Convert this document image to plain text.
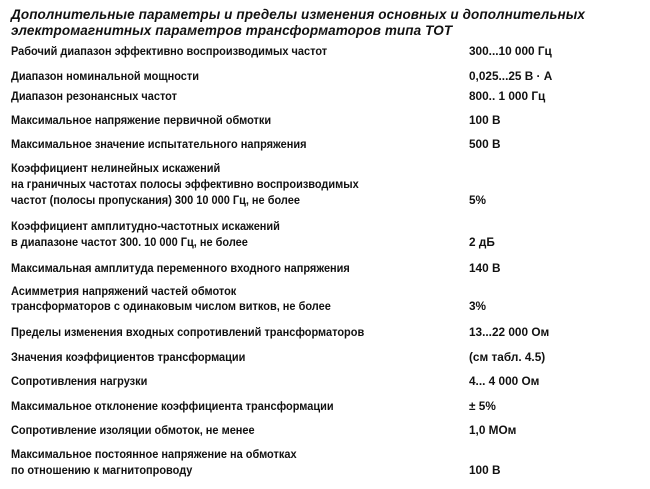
Дополнительные параметры и пределы изменения основных и дополнительных
электромагнитных параметров трансформаторов типа ТОТ
Рабочий диапазон эффективно воспроизводимых частот	300...10 000 Гц
Диапазон номинальной мощности	0,025...25 В · А
Диапазон резонансных частот	800.. 1 000 Гц
Максимальное напряжение первичной обмотки	100 В
Максимальное значение испытательного напряжения	500 В
Коэффициент нелинейных искажений
на граничных частотах полосы эффективно воспроизводимых
частот (полосы пропускания) 300 10 000 Гц, не более	5%
Коэффициент амплитудно-частотных искажений
в диапазоне частот 300. 10 000 Гц, не более	2 дБ
Максимальная амплитуда переменного входного напряжения	140 В
Асимметрия напряжений частей обмоток
трансформаторов с одинаковым числом витков, не более	3%
Пределы изменения входных сопротивлений трансформаторов	13...22 000 Ом
Значения коэффициентов трансформации	(см табл. 4.5)
Сопротивления нагрузки	4... 4 000 Ом
Максимальное отклонение коэффициента трансформации	± 5%
Сопротивление изоляции обмоток, не менее	1,0 МОм
Максимальное постоянное напряжение на обмотках
по отношению к магнитопроводу	100 В
